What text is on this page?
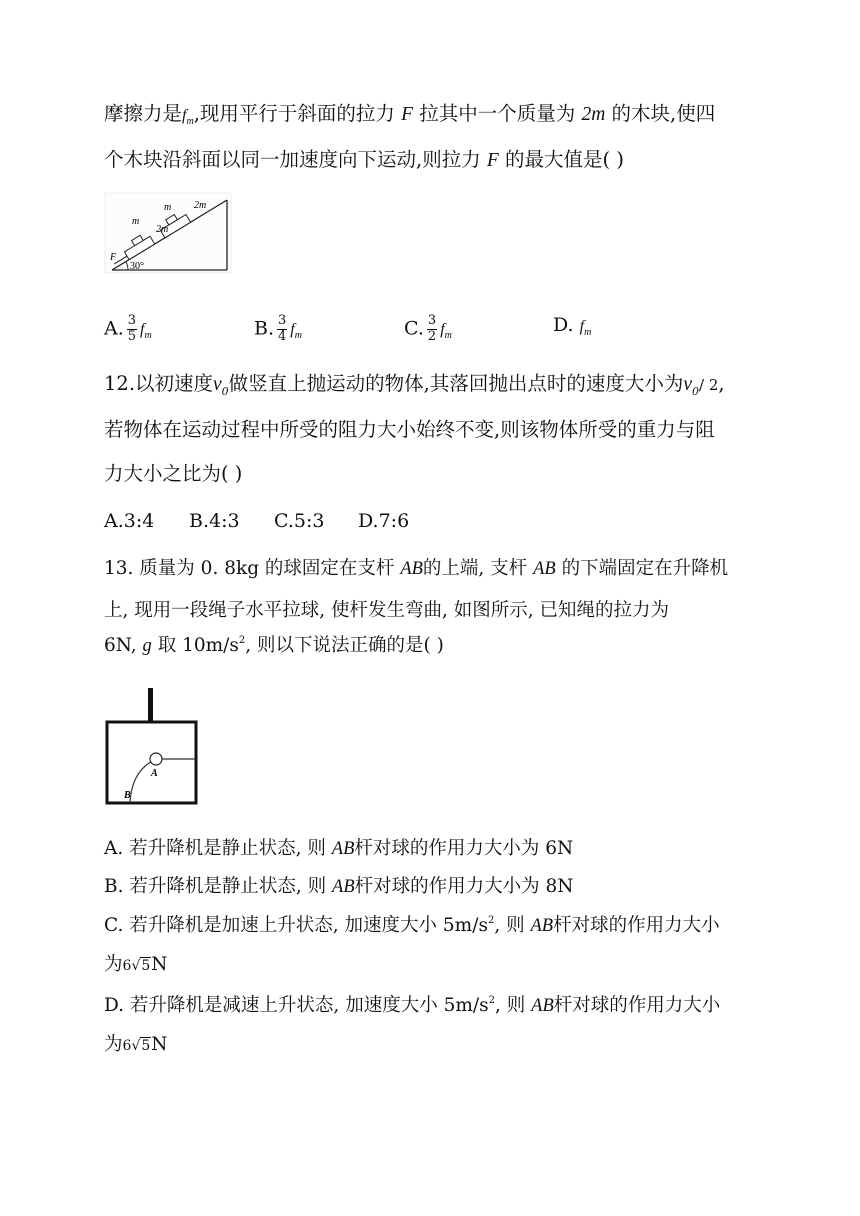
摩擦力是$f_m$,现用平行于斜面的拉力 F 拉其中一个质量为 2m 的木块,使四
个木块沿斜面以同一加速度向下运动,则拉力 F 的最大值是( )
m
2m
m 2m
F
30°
A. $\frac{3}{5} f_m$	B. $\frac{3}{4} f_m$	C. $\frac{3}{2} f_m$
D. $f_m$
12.以初速度$v_0$做竖直上抛运动的物体,其落回抛出点时的速度大小为$v_0/$ 2,
若物体在运动过程中所受的阻力大小始终不变,则该物体所受的重力与阻
力大小之比为( )
A.3:4 B.4:3 C.5:3 D.7:6
13. 质量为 0. 8kg 的球固定在支杆 AB的上端, 支杆 AB 的下端固定在升降机
上, 现用一段绳子水平拉球, 使杆发生弯曲, 如图所示, 已知绳的拉力为
6N, g 取 $10m/s^2$, 则以下说法正确的是( )
A
B
A. 若升降机是静止状态, 则 AB杆对球的作用力大小为 6N
B. 若升降机是静止状态, 则 AB杆对球的作用力大小为 8N
C. 若升降机是加速上升状态, 加速度大小 $5m/s^2$, 则 AB杆对球的作用力大小
为6√5N
D. 若升降机是减速上升状态, 加速度大小 $5m/s^2$, 则 AB杆对球的作用力大小
为6√5N
